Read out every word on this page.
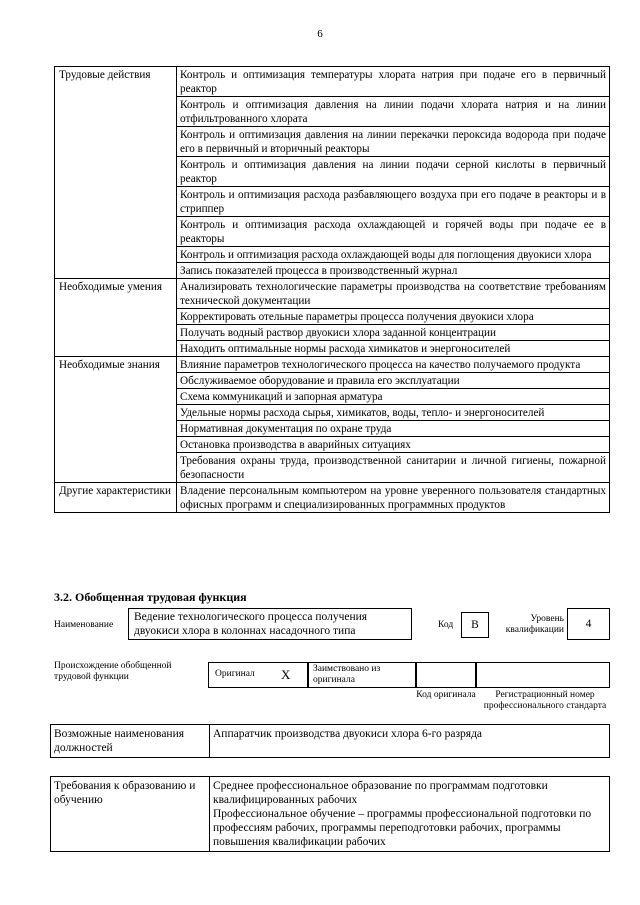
6
Трудовые действия	Контроль и оптимизация температуры хлората натрия при подаче его в первичный реактор
	Контроль и оптимизация давления на линии подачи хлората натрия и на линии отфильтрованного хлората
	Контроль и оптимизация давления на линии перекачки пероксида водорода при подаче его в первичный и вторичный реакторы
	Контроль и оптимизация давления на линии подачи серной кислоты в первичный реактор
	Контроль и оптимизация расхода разбавляющего воздуха при его подаче в реакторы и в стриппер
	Контроль и оптимизация расхода охлаждающей и горячей воды при подаче ее в реакторы
	Контроль и оптимизация расхода охлаждающей воды для поглощения двуокиси хлора
	Запись показателей процесса в производственный журнал
Необходимые умения	Анализировать технологические параметры производства на соответствие требованиям технической документации
	Корректировать отельные параметры процесса получения двуокиси хлора
	Получать водный раствор двуокиси хлора заданной концентрации
	Находить оптимальные нормы расхода химикатов и энергоносителей
Необходимые знания	Влияние параметров технологического процесса на качество получаемого продукта
	Обслуживаемое оборудование и правила его эксплуатации
	Схема коммуникаций и запорная арматура
	Удельные нормы расхода сырья, химикатов, воды, тепло- и энергоносителей
	Нормативная документация по охране труда
	Остановка производства в аварийных ситуациях
	Требования охраны труда, производственной санитарии и личной гигиены, пожарной безопасности
Другие характеристики	Владение персональным компьютером на уровне уверенного пользователя стандартных офисных программ и специализированных программных продуктов
3.2. Обобщенная трудовая функция
Наименование
Ведение технологического процесса получения двуокиси хлора в колоннах насадочного типа	Код	B	Уровень квалификации	4
Происхождение обобщенной трудовой функции	Оригинал X	Заимствовано из оригинала
Код оригинала	Регистрационный номер профессионального стандарта
Возможные наименования должностей	Аппаратчик производства двуокиси хлора 6-го разряда
Требования к образованию и обучению	
Среднее профессиональное образование по программам подготовки квалифицированных рабочих
Профессиональное обучение – программы профессиональной подготовки по профессиям рабочих, программы переподготовки рабочих, программы повышения квалификации рабочих
